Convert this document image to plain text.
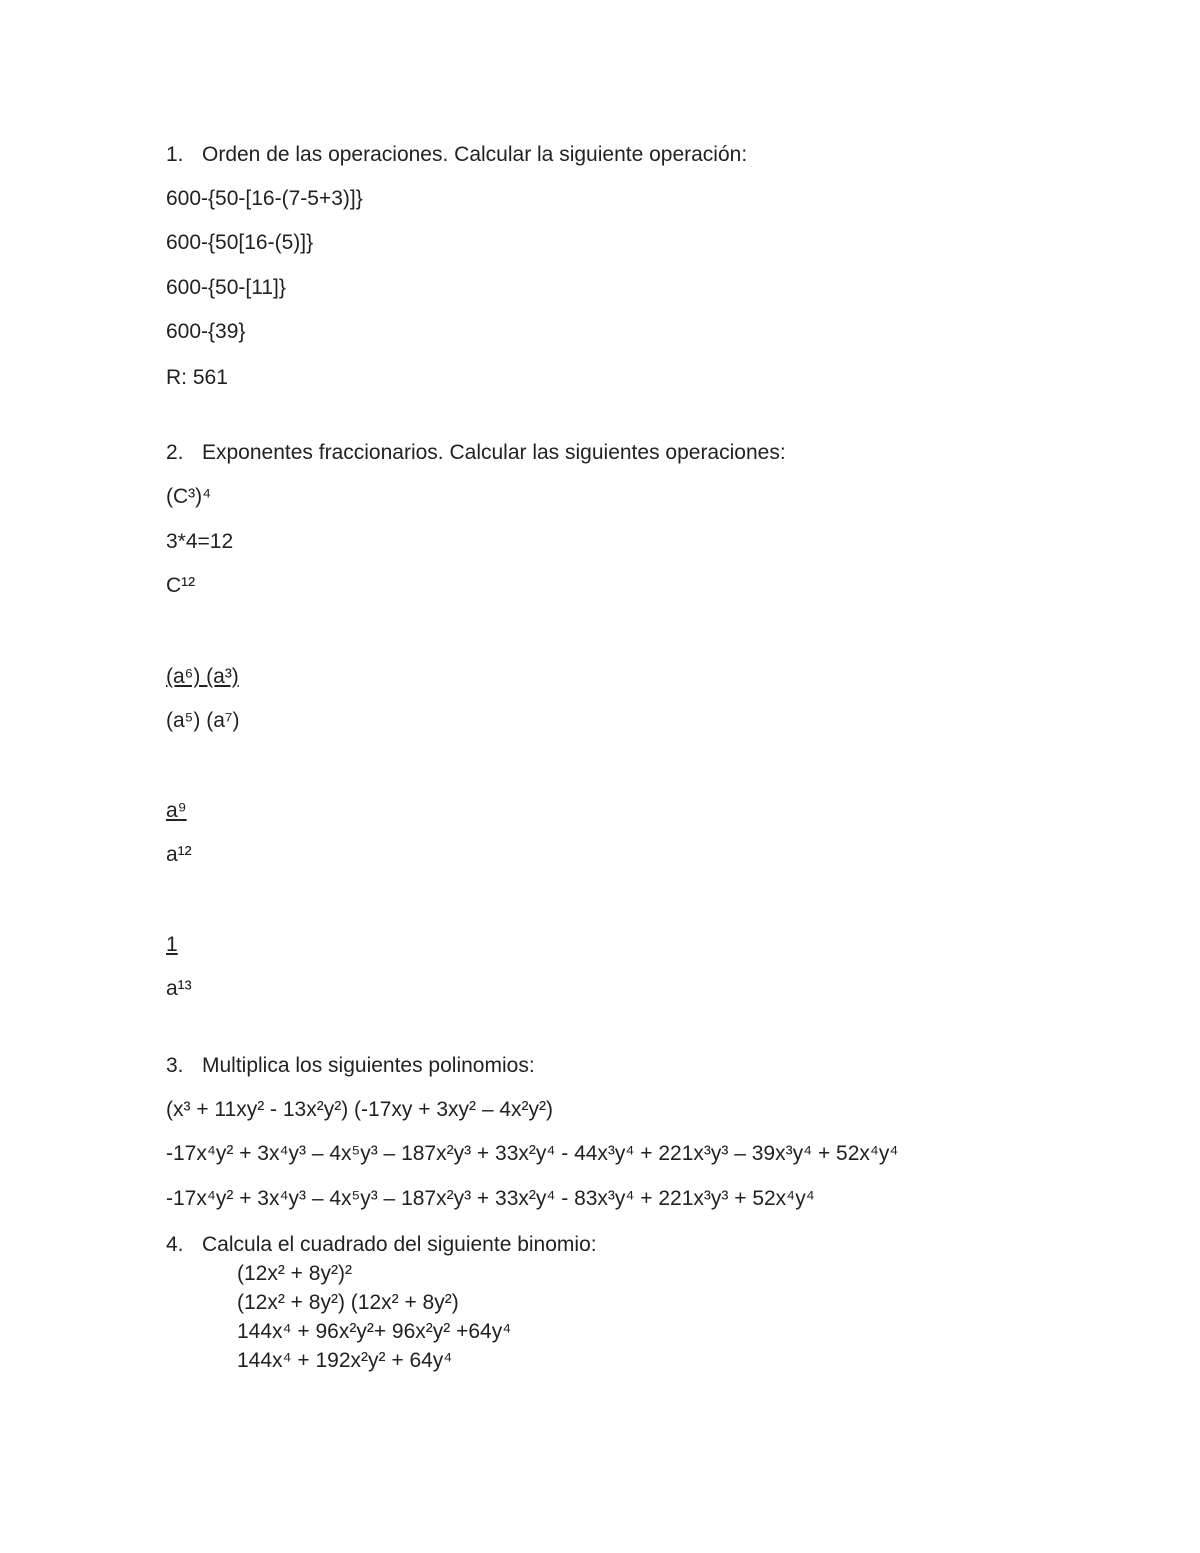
1. Orden de las operaciones. Calcular la siguiente operación:
600-{50-[16-(7-5+3)]}
600-{50[16-(5)]}
600-{50-[11]}
600-{39}
R: 561
2. Exponentes fraccionarios. Calcular las siguientes operaciones:
(C³)⁴
3*4=12
C¹²
(a⁶) (a³)
(a⁵) (a⁷)
a⁹
a¹²
1
a¹³
3. Multiplica los siguientes polinomios:
(x³ + 11xy² - 13x²y²) (-17xy + 3xy² – 4x²y²)
-17x⁴y² + 3x⁴y³ – 4x⁵y³ – 187x²y³ + 33x²y⁴ - 44x³y⁴ + 221x³y³ – 39x³y⁴ + 52x⁴y⁴
-17x⁴y² + 3x⁴y³ – 4x⁵y³ – 187x²y³ + 33x²y⁴ - 83x³y⁴ + 221x³y³ + 52x⁴y⁴
4. Calcula el cuadrado del siguiente binomio:
(12x² + 8y²)²
(12x² + 8y²) (12x² + 8y²)
144x⁴ + 96x²y²+ 96x²y² +64y⁴
144x⁴ + 192x²y² + 64y⁴
